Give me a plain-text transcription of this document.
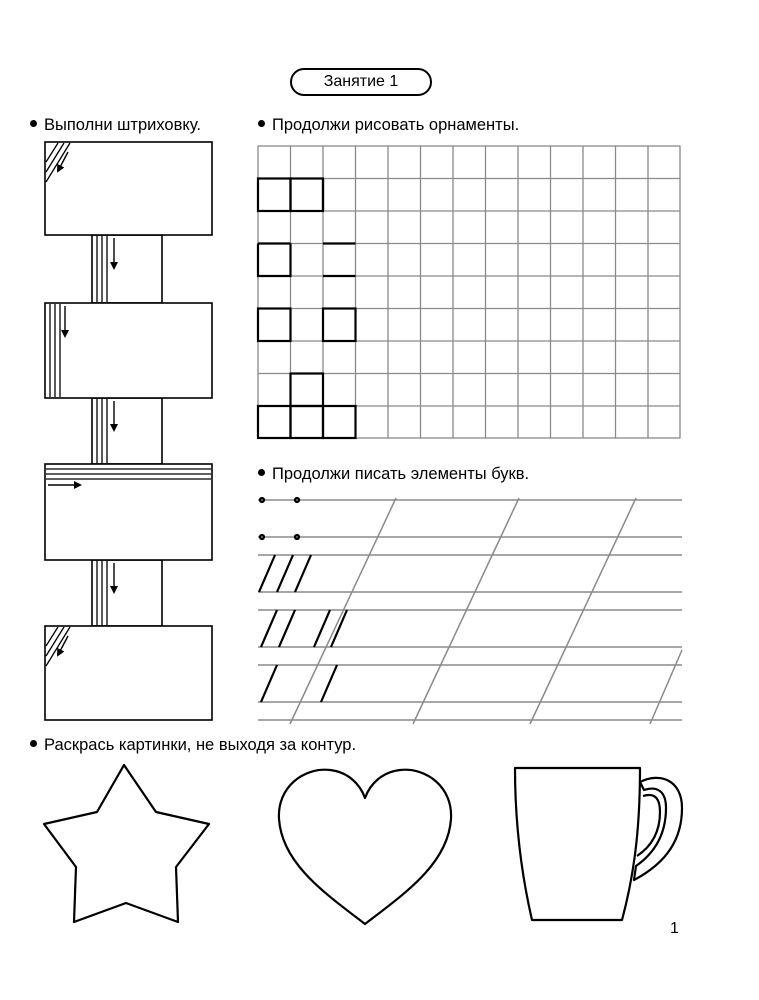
Занятие 1
Выполни штриховку.	Продолжи рисовать орнаменты.
Продолжи писать элементы букв.
Раскрась картинки, не выходя за контур.
1
